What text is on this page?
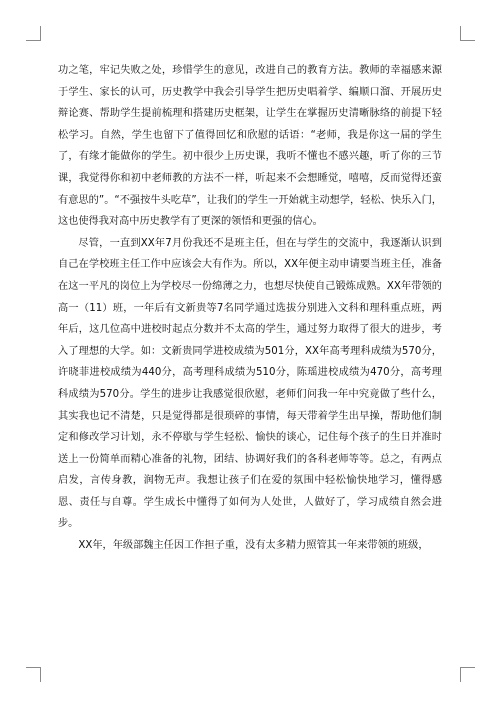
功之笔，牢记失败之处，珍惜学生的意见，改进自己的教育方法。教师的幸福感来源于学生、家长的认可，历史教学中我会引导学生把历史唱着学、编顺口溜、开展历史辩论赛、帮助学生提前梳理和搭建历史框架，让学生在掌握历史清晰脉络的前提下轻松学习。自然，学生也留下了值得回忆和欣慰的话语：“老师，我是你这一届的学生了，有缘才能做你的学生。初中很少上历史课，我听不懂也不感兴趣，听了你的三节课，我觉得你和初中老师教的方法不一样，听起来不会想睡觉，嘻嘻，反而觉得还蛮有意思的”。“不强按牛头吃草”，让我们的学生一开始就主动想学，轻松、快乐入门，这也使得我对高中历史教学有了更深的领悟和更强的信心。

尽管，一直到XX年7月份我还不是班主任，但在与学生的交流中，我逐渐认识到自己在学校班主任工作中应该会大有作为。所以，XX年便主动申请要当班主任，准备在这一平凡的岗位上为学校尽一份绵薄之力，也想尽快使自己锻炼成熟。XX年带领的高一（11）班，一年后有文新贵等7名同学通过选拔分别进入文科和理科重点班，两年后，这几位高中进校时起点分数并不太高的学生，通过努力取得了很大的进步，考入了理想的大学。如：文新贵同学进校成绩为501分，XX年高考理科成绩为570分，许晓菲进校成绩为440分，高考理科成绩为510分，陈瑶进校成绩为470分，高考理科成绩为570分。学生的进步让我感觉很欣慰，老师们问我一年中究竟做了些什么，其实我也记不清楚，只是觉得都是很琐碎的事情，每天带着学生出早操，帮助他们制定和修改学习计划，永不停歇与学生轻松、愉快的谈心，记住每个孩子的生日并准时送上一份简单而精心准备的礼物，团结、协调好我们的各科老师等等。总之，有两点启发，言传身教，润物无声。我想让孩子们在爱的氛围中轻松愉快地学习，懂得感恩、责任与自尊。学生成长中懂得了如何为人处世，人做好了，学习成绩自然会进步。

XX年，年级部魏主任因工作担子重，没有太多精力照管其一年来带领的班级，
